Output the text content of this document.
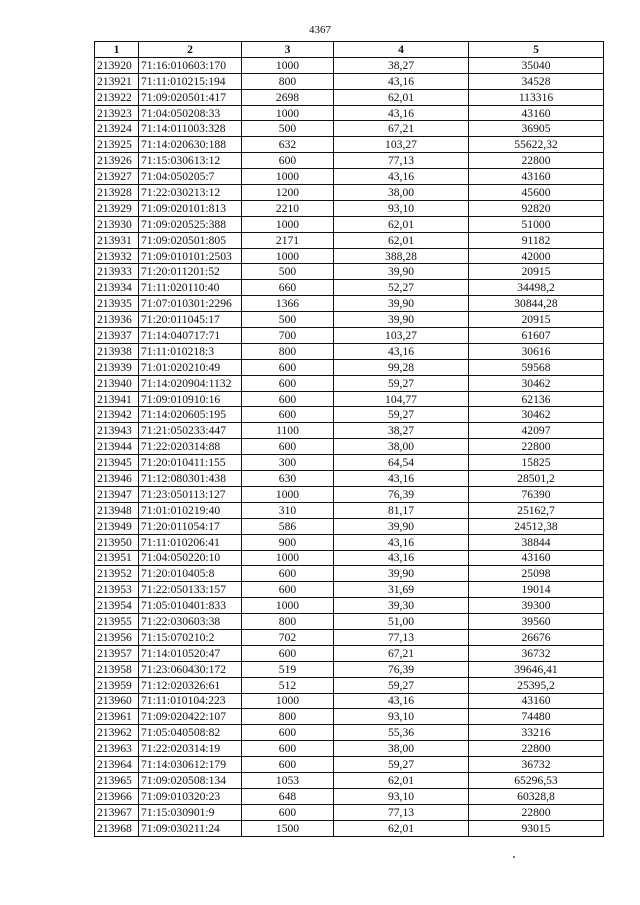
4367
1	2	3	4	5
213920	71:16:010603:170	1000	38,27	35040
213921	71:11:010215:194	800	43,16	34528
213922	71:09:020501:417	2698	62,01	113316
213923	71:04:050208:33	1000	43,16	43160
213924	71:14:011003:328	500	67,21	36905
213925	71:14:020630:188	632	103,27	55622,32
213926	71:15:030613:12	600	77,13	22800
213927	71:04:050205:7	1000	43,16	43160
213928	71:22:030213:12	1200	38,00	45600
213929	71:09:020101:813	2210	93,10	92820
213930	71:09:020525:388	1000	62,01	51000
213931	71:09:020501:805	2171	62,01	91182
213932	71:09:010101:2503	1000	388,28	42000
213933	71:20:011201:52	500	39,90	20915
213934	71:11:020110:40	660	52,27	34498,2
213935	71:07:010301:2296	1366	39,90	30844,28
213936	71:20:011045:17	500	39,90	20915
213937	71:14:040717:71	700	103,27	61607
213938	71:11:010218:3	800	43,16	30616
213939	71:01:020210:49	600	99,28	59568
213940	71:14:020904:1132	600	59,27	30462
213941	71:09:010910:16	600	104,77	62136
213942	71:14:020605:195	600	59,27	30462
213943	71:21:050233:447	1100	38,27	42097
213944	71:22:020314:88	600	38,00	22800
213945	71:20:010411:155	300	64,54	15825
213946	71:12:080301:438	630	43,16	28501,2
213947	71:23:050113:127	1000	76,39	76390
213948	71:01:010219:40	310	81,17	25162,7
213949	71:20:011054:17	586	39,90	24512,38
213950	71:11:010206:41	900	43,16	38844
213951	71:04:050220:10	1000	43,16	43160
213952	71:20:010405:8	600	39,90	25098
213953	71:22:050133:157	600	31,69	19014
213954	71:05:010401:833	1000	39,30	39300
213955	71:22:030603:38	800	51,00	39560
213956	71:15:070210:2	702	77,13	26676
213957	71:14:010520:47	600	67,21	36732
213958	71:23:060430:172	519	76,39	39646,41
213959	71:12:020326:61	512	59,27	25395,2
213960	71:11:010104:223	1000	43,16	43160
213961	71:09:020422:107	800	93,10	74480
213962	71:05:040508:82	600	55,36	33216
213963	71:22:020314:19	600	38,00	22800
213964	71:14:030612:179	600	59,27	36732
213965	71:09:020508:134	1053	62,01	65296,53
213966	71:09:010320:23	648	93,10	60328,8
213967	71:15:030901:9	600	77,13	22800
213968	71:09:030211:24	1500	62,01	93015
